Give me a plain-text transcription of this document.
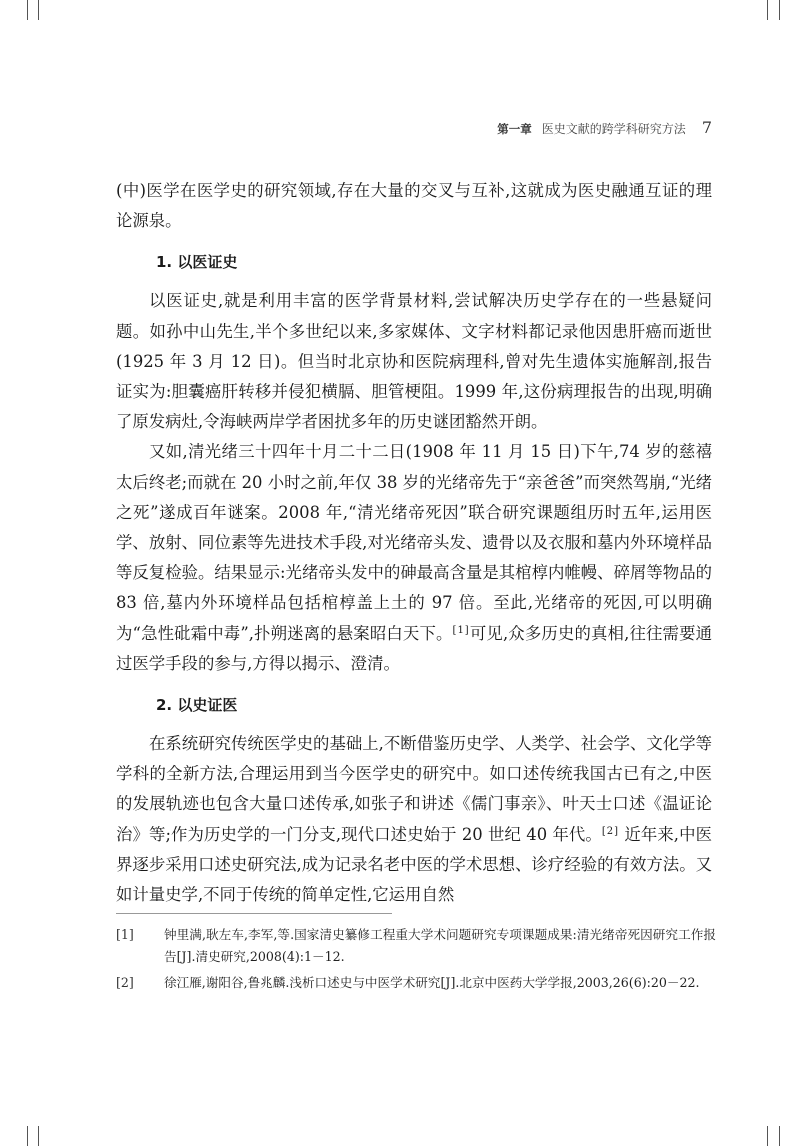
第一章 医史文献的跨学科研究方法 7

(中)医学在医学史的研究领域,存在大量的交叉与互补,这就成为医史融通互证的理论源泉。

1. 以医证史

以医证史,就是利用丰富的医学背景材料,尝试解决历史学存在的一些悬疑问题。如孙中山先生,半个多世纪以来,多家媒体、文字材料都记录他因患肝癌而逝世(1925 年 3 月 12 日)。但当时北京协和医院病理科,曾对先生遗体实施解剖,报告证实为:胆囊癌肝转移并侵犯横膈、胆管梗阻。1999 年,这份病理报告的出现,明确了原发病灶,令海峡两岸学者困扰多年的历史谜团豁然开朗。

又如,清光绪三十四年十月二十二日(1908 年 11 月 15 日)下午,74 岁的慈禧太后终老;而就在 20 小时之前,年仅 38 岁的光绪帝先于“亲爸爸”而突然驾崩,“光绪之死”遂成百年谜案。2008 年,“清光绪帝死因”联合研究课题组历时五年,运用医学、放射、同位素等先进技术手段,对光绪帝头发、遗骨以及衣服和墓内外环境样品等反复检验。结果显示:光绪帝头发中的砷最高含量是其棺椁内帷幔、碎屑等物品的 83 倍,墓内外环境样品包括棺椁盖上土的 97 倍。至此,光绪帝的死因,可以明确为“急性砒霜中毒”,扑朔迷离的悬案昭白天下。[1]可见,众多历史的真相,往往需要通过医学手段的参与,方得以揭示、澄清。

2. 以史证医

在系统研究传统医学史的基础上,不断借鉴历史学、人类学、社会学、文化学等学科的全新方法,合理运用到当今医学史的研究中。如口述传统我国古已有之,中医的发展轨迹也包含大量口述传承,如张子和讲述《儒门事亲》、叶天士口述《温证论治》等;作为历史学的一门分支,现代口述史始于 20 世纪 40 年代。[2] 近年来,中医界逐步采用口述史研究法,成为记录名老中医的学术思想、诊疗经验的有效方法。又如计量史学,不同于传统的简单定性,它运用自然

[1]	钟里满,耿左车,李军,等.国家清史纂修工程重大学术问题研究专项课题成果:清光绪帝死因研究工作报告[J].清史研究,2008(4):1－12.
[2]	徐江雁,谢阳谷,鲁兆麟.浅析口述史与中医学术研究[J].北京中医药大学学报,2003,26(6):20－22.
